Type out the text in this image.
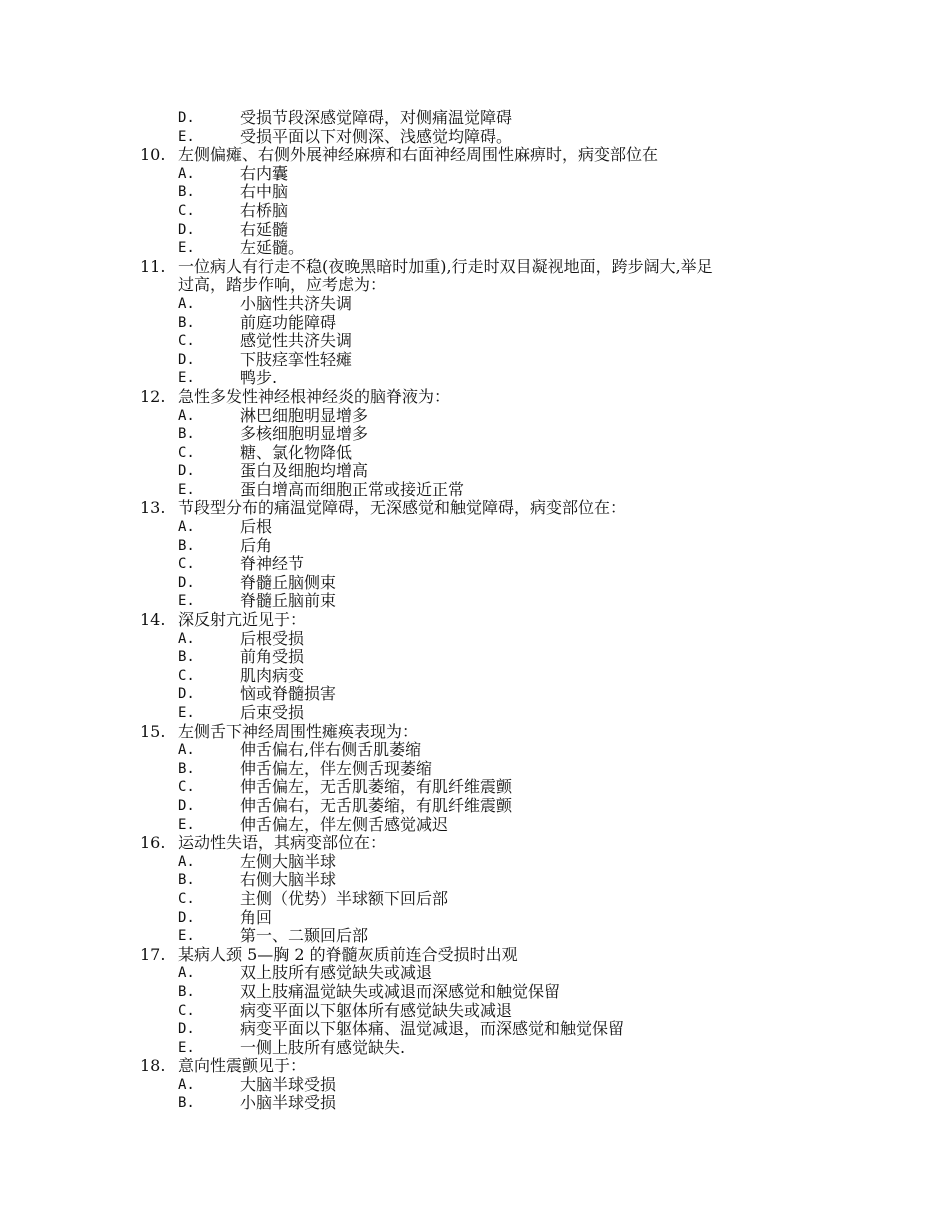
D.	受损节段深感觉障碍，对侧痛温觉障碍
E.	受损平面以下对侧深、浅感觉均障碍。
10. 左侧偏瘫、右侧外展神经麻痹和右面神经周围性麻痹时，病变部位在
A.	右内囊
B.	右中脑
C.	右桥脑
D.	右延髓
E.	左延髓。
11. 一位病人有行走不稳(夜晚黑暗时加重),行走时双目凝视地面，跨步阔大,举足
过高，踏步作响，应考虑为：
A.	小脑性共济失调
B.	前庭功能障碍
C.	感觉性共济失调
D.	下肢痉挛性轻瘫
E.	鸭步.
12. 急性多发性神经根神经炎的脑脊液为：
A.	淋巴细胞明显增多
B.	多核细胞明显增多
C.	糖、氯化物降低
D.	蛋白及细胞均增高
E.	蛋白增高而细胞正常或接近正常
13. 节段型分布的痛温觉障碍，无深感觉和触觉障碍，病变部位在：
A.	后根
B.	后角
C.	脊神经节
D.	脊髓丘脑侧束
E.	脊髓丘脑前束
14. 深反射亢近见于：
A.	后根受损
B.	前角受损
C.	肌肉病变
D.	恼或脊髓损害
E.	后束受损
15. 左侧舌下神经周围性瘫痪表现为：
A.	伸舌偏右,伴右侧舌肌萎缩
B.	伸舌偏左，伴左侧舌现萎缩
C.	伸舌偏左，无舌肌萎缩，有肌纤维震颤
D.	伸舌偏右，无舌肌萎缩，有肌纤维震颤
E.	伸舌偏左，伴左侧舌感觉减迟
16. 运动性失语，其病变部位在：
A.	左侧大脑半球
B.	右侧大脑半球
C.	主侧（优势）半球额下回后部
D.	角回
E.	第一、二颞回后部
17. 某病人颈 5—胸 2 的脊髓灰质前连合受损时出观
A.	双上肢所有感觉缺失或减退
B.	双上肢痛温觉缺失或减退而深感觉和触觉保留
C.	病变平面以下躯体所有感觉缺失或减退
D.	病变平面以下躯体痛、温觉减退，而深感觉和触觉保留
E.	一侧上肢所有感觉缺失.
18. 意向性震颤见于：
A.	大脑半球受损
B.	小脑半球受损
